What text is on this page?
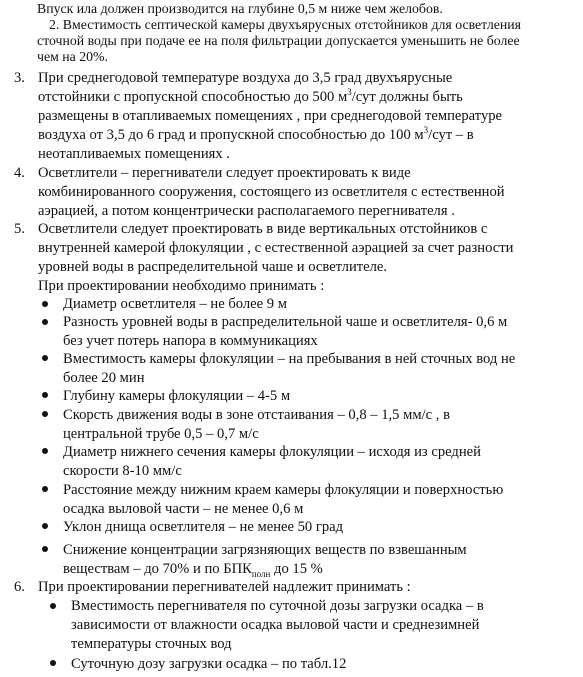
Впуск ила должен производится на глубине 0,5 м ниже чем желобов.
2. Вместимость септической камеры двухъярусных отстойников для осветления
сточной воды при подаче ее на поля фильтрации допускается уменьшить не более
чем на 20%.
3. При среднегодовой температуре воздуха до 3,5 град двухъярусные
отстойники с пропускной способностью до 500 $м^3$/сут должны быть
размещены в отапливаемых помещениях , при среднегодовой температуре
воздуха от 3,5 до 6 град и пропускной способностью до 100 $м^3$/сут – в
неотапливаемых помещениях .
4. Осветлители – перегниватели следует проектировать к виде
комбинированного сооружения, состоящего из осветлителя с естественной
аэрацией, а потом концентрически располагаемого перегнивателя .
5. Осветлители следует проектировать в виде вертикальных отстойников с
внутренней камерой флокуляции , с естественной аэрацией за счет разности
уровней воды в распределительной чаше и осветлителе.
При проектировании необходимо принимать :
Диаметр осветлителя – не более 9 м
Разность уровней воды в распределительной чаше и осветлителя- 0,6 м
без учет потерь напора в коммуникациях
Вместимость камеры флокуляции – на пребывания в ней сточных вод не
более 20 мин
Глубину камеры флокуляции – 4-5 м
Скорсть движения воды в зоне отстаивания – 0,8 – 1,5 мм/с , в
центральной трубе 0,5 – 0,7 м/с
Диаметр нижнего сечения камеры флокуляции – исходя из средней
скорости 8-10 мм/с
Расстояние между нижним краем камеры флокуляции и поверхностью
осадка выловой части – не менее 0,6 м
Уклон днища осветлителя – не менее 50 град
Снижение концентрации загрязняющих веществ по взвешанным
веществам – до 70% и по $БПК_{полн}$ до 15 %
6. При проектировании перегнивателей надлежит принимать :
Вместимость перегнивателя по суточной дозы загрузки осадка – в
зависимости от влажности осадка выловой части и среднезимней
температуры сточных вод
Суточную дозу загрузки осадка – по табл.12
